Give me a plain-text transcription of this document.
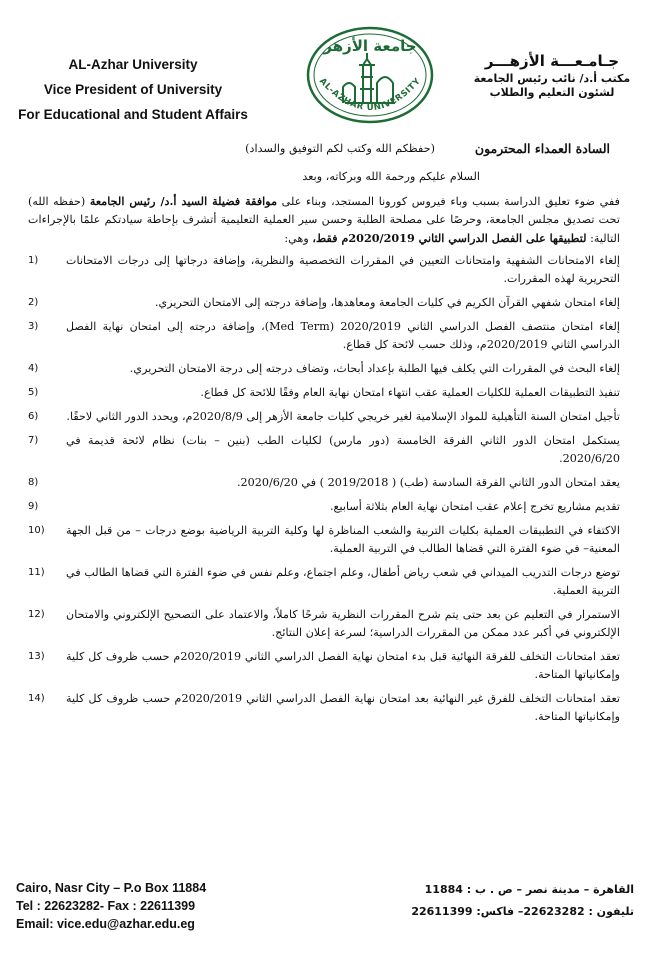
AL-Azhar University
Vice President of University
For Educational and Student Affairs
جامعة الأزهر
AL-AZHAR UNIVERSITY
جـامـعـــة الأزهـــر
مكتب أ.د/ نائب رئيس الجامعة
لشئون التعليم والطلاب
السادة العمداء المحترمون
(حفظكم الله وكتب لكم التوفيق والسداد)
السلام عليكم ورحمة الله وبركاته، وبعد
ففي ضوء تعليق الدراسة بسبب وباء فيروس كورونا المستجد، وبناء على موافقة فضيلة السيد أ.د/ رئيس الجامعة (حفظه الله) تحت تصديق مجلس الجامعة، وحرصًا على مصلحة الطلبة وحسن سير العملية التعليمية أتشرف بإحاطة سيادتكم علمًا بالإجراءات التالية: لتطبيقها على الفصل الدراسي الثاني 2020/2019م فقط، وهي:
1)	إلغاء الامتحانات الشفهية وامتحانات التعيين في المقررات التخصصية والنظرية، وإضافة درجاتها إلى درجات الامتحانات التحريرية لهذه المقررات.
2)	إلغاء امتحان شفهي القرآن الكريم في كليات الجامعة ومعاهدها، وإضافة درجته إلى الامتحان التحريري.
3)	إلغاء امتحان منتصف الفصل الدراسي الثاني 2020/2019 (Med Term)، وإضافة درجته إلى امتحان نهاية الفصل الدراسي الثاني 2020/2019م، وذلك حسب لائحة كل قطاع.
4)	إلغاء البحث في المقررات التي يكلف فيها الطلبة بإعداد أبحاث، وتضاف درجته إلى درجة الامتحان التحريري.
5)	تنفيذ التطبيقات العملية للكليات العملية عقب انتهاء امتحان نهاية العام وفقًا للائحة كل قطاع.
6)	تأجيل امتحان السنة التأهيلية للمواد الإسلامية لغير خريجي كليات جامعة الأزهر إلى 2020/8/9م، ويحدد الدور الثاني لاحقًا.
7)	يستكمل امتحان الدور الثاني الفرقة الخامسة (دور مارس) لكليات الطب (بنين – بنات) نظام لائحة قديمة في 2020/6/20.
8)	يعقد امتحان الدور الثاني الفرقة السادسة (طب) ( 2019/2018 ) في 2020/6/20.
9)	تقديم مشاريع تخرج إعلام عقب امتحان نهاية العام بثلاثة أسابيع.
10)	الاكتفاء في التطبيقات العملية بكليات التربية والشعب المناظرة لها وكلية التربية الرياضية بوضع درجات – من قبل الجهة المعنية– في ضوء الفترة التي قضاها الطالب في التربية العملية.
11)	توضع درجات التدريب الميداني في شعب رياض أطفال، وعلم اجتماع، وعلم نفس في ضوء الفترة التي قضاها الطالب في التربية العملية.
12)	الاستمرار في التعليم عن بعد حتى يتم شرح المقررات النظرية شرحًا كاملاً، والاعتماد على التصحيح الإلكتروني والامتحان الإلكتروني في أكبر عدد ممكن من المقررات الدراسية؛ لسرعة إعلان النتائج.
13)	تعقد امتحانات التخلف للفرقة النهائية قبل بدء امتحان نهاية الفصل الدراسي الثاني 2020/2019م حسب ظروف كل كلية وإمكانياتها المتاحة.
14)	تعقد امتحانات التخلف للفرق غير النهائية بعد امتحان نهاية الفصل الدراسي الثاني 2020/2019م حسب ظروف كل كلية وإمكانياتها المتاحة.
Cairo, Nasr City – P.o Box 11884
Tel : 22623282- Fax : 22611399
Email: vice.edu@azhar.edu.eg
القاهرة – مدينة نصر – ص . ب : 11884
تليفون : 22623282– فاكس: 22611399
